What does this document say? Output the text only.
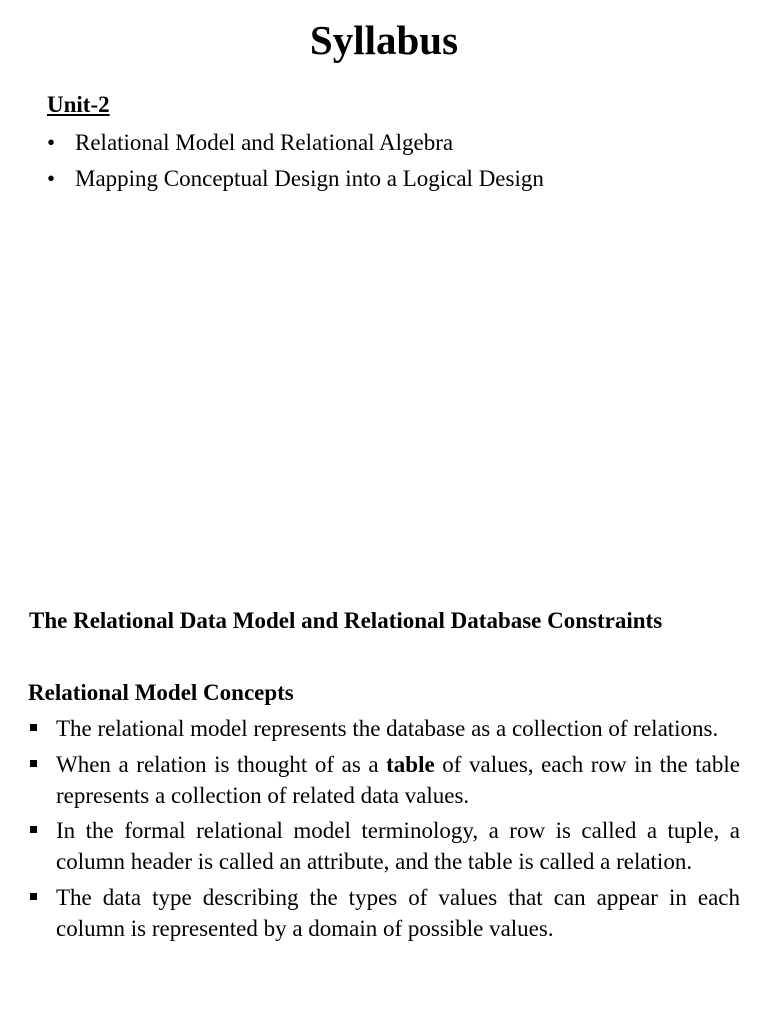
Syllabus
Unit-2
• Relational Model and Relational Algebra
• Mapping Conceptual Design into a Logical Design
The Relational Data Model and Relational Database Constraints
Relational Model Concepts
The relational model represents the database as a collection of relations.
When a relation is thought of as a table of values, each row in the table represents a collection of related data values.
In the formal relational model terminology, a row is called a tuple, a column header is called an attribute, and the table is called a relation.
The data type describing the types of values that can appear in each column is represented by a domain of possible values.
